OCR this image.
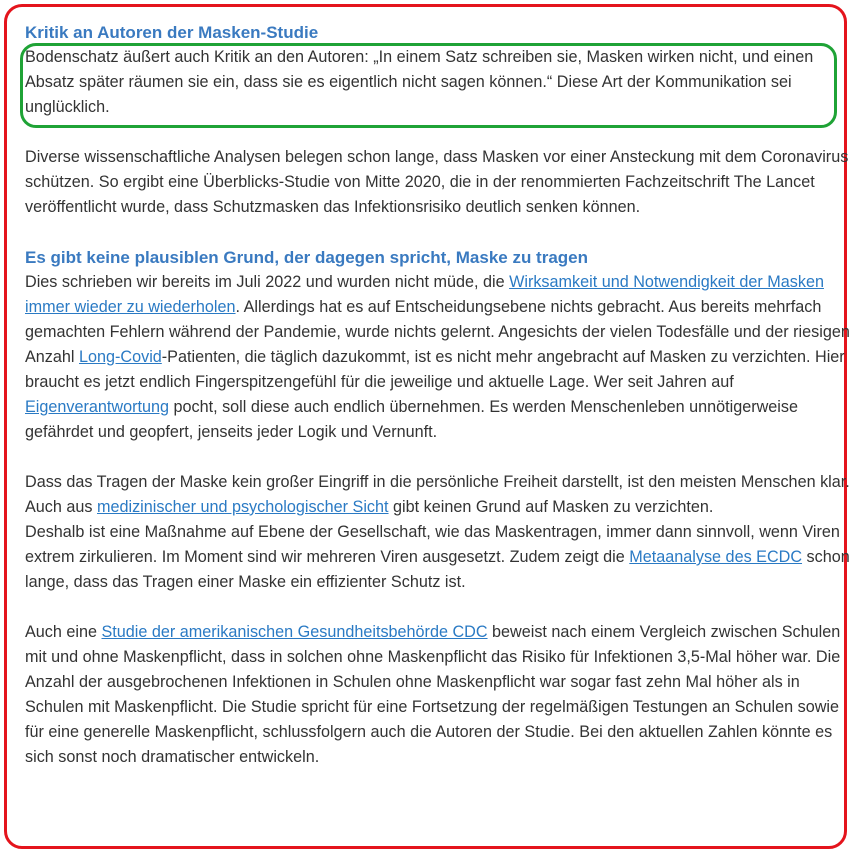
Kritik an Autoren der Masken-Studie

Bodenschatz äußert auch Kritik an den Autoren: „In einem Satz schreiben sie, Masken wirken nicht, und einen Absatz später räumen sie ein, dass sie es eigentlich nicht sagen können.“ Diese Art der Kommunikation sei unglücklich.

Diverse wissenschaftliche Analysen belegen schon lange, dass Masken vor einer Ansteckung mit dem Coronavirus schützen. So ergibt eine Überblicks-Studie von Mitte 2020, die in der renommierten Fachzeitschrift The Lancet veröffentlicht wurde, dass Schutzmasken das Infektionsrisiko deutlich senken können.

Es gibt keine plausiblen Grund, der dagegen spricht, Maske zu tragen

Dies schrieben wir bereits im Juli 2022 und wurden nicht müde, die Wirksamkeit und Notwendigkeit der Masken immer wieder zu wiederholen. Allerdings hat es auf Entscheidungsebene nichts gebracht. Aus bereits mehrfach gemachten Fehlern während der Pandemie, wurde nichts gelernt. Angesichts der vielen Todesfälle und der riesigen Anzahl Long-Covid-Patienten, die täglich dazukommt, ist es nicht mehr angebracht auf Masken zu verzichten. Hier braucht es jetzt endlich Fingerspitzengefühl für die jeweilige und aktuelle Lage. Wer seit Jahren auf Eigenverantwortung pocht, soll diese auch endlich übernehmen. Es werden Menschenleben unnötigerweise gefährdet und geopfert, jenseits jeder Logik und Vernunft.

Dass das Tragen der Maske kein großer Eingriff in die persönliche Freiheit darstellt, ist den meisten Menschen klar. Auch aus medizinischer und psychologischer Sicht gibt keinen Grund auf Masken zu verzichten.

Deshalb ist eine Maßnahme auf Ebene der Gesellschaft, wie das Maskentragen, immer dann sinnvoll, wenn Viren extrem zirkulieren. Im Moment sind wir mehreren Viren ausgesetzt. Zudem zeigt die Metaanalyse des ECDC schon lange, dass das Tragen einer Maske ein effizienter Schutz ist.

Auch eine Studie der amerikanischen Gesundheitsbehörde CDC beweist nach einem Vergleich zwischen Schulen mit und ohne Maskenpflicht, dass in solchen ohne Maskenpflicht das Risiko für Infektionen 3,5-Mal höher war. Die Anzahl der ausgebrochenen Infektionen in Schulen ohne Maskenpflicht war sogar fast zehn Mal höher als in Schulen mit Maskenpflicht. Die Studie spricht für eine Fortsetzung der regelmäßigen Testungen an Schulen sowie für eine generelle Maskenpflicht, schlussfolgern auch die Autoren der Studie. Bei den aktuellen Zahlen könnte es sich sonst noch dramatischer entwickeln.
